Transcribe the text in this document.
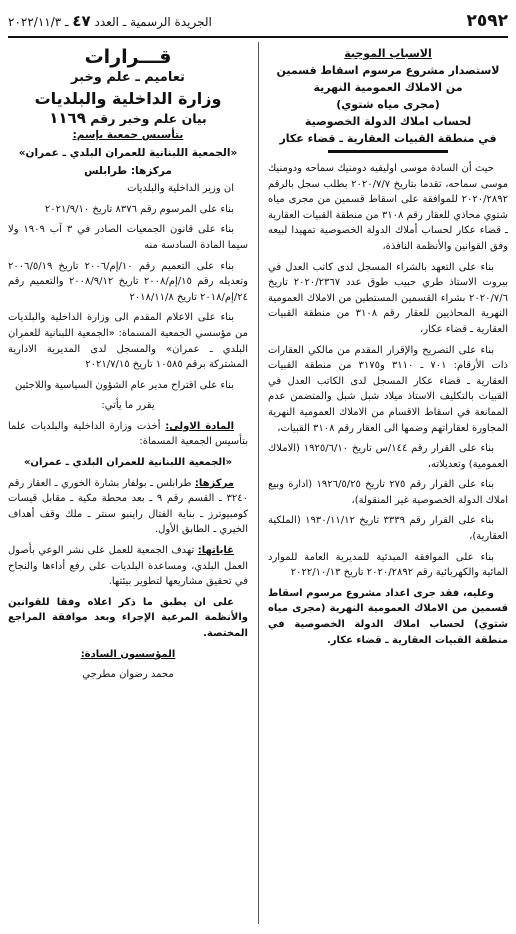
٢٥٩٢
الجريدة الرسمية ـ العدد ٤٧ ـ ٢٠٢٢/١١/٣
الاسباب الموجبة
لاستصدار مشروع مرسوم اسقاط قسمين
من الاملاك العمومية النهرية
(مجرى مياه شتوي)
لحساب املاك الدولة الخصوصية
في منطقة القبيات العقارية ـ قضاء عكار

حيث أن السادة موسى اوليفيه دومنيك سماحه ودومنيك موسى سماحه، تقدما بتاريخ ٢٠٢٠/٧/٧ بطلب سجل بالرقم ٢٠٢٠/٢٨٩٢ للموافقة على اسقاط قسمين من مجرى مياه شتوي محاذي للعقار رقم ٣١٠٨ من منطقة القبيات العقارية ـ قضاء عكار لحساب أملاك الدولة الخصوصية تمهيدا لبيعه وفق القوانين والأنظمة النافذة،

بناء على التعهد بالشراء المسجل لدى كاتب العدل في بيروت الاستاذ طري حبيب طوق عدد ٢٠٢٠/٢٣٦٧ تاريخ ٢٠٢٠/٧/٦ بشراء القسمين المستطين من الاملاك العمومية النهرية المحاذيين للعقار رقم ٣١٠٨ من منطقة القبيات العقارية ـ قضاء عكار،

بناء على التصريح والإقرار المقدم من مالكي العقارات ذات الأرقام: ٧٠١ ـ ٣١١٠ و٣١٧٥ من منطقة القبيات العقارية ـ قضاء عكار المسجل لدى الكاتب العدل في القبيات بالتكليف الاستاذ ميلاد شبل شبل والمتضمن عدم الممانعة في اسقاط الاقسام من الاملاك العمومية النهرية المجاورة لعقاراتهم وضمها الى العقار رقم ٣١٠٨ القبيات،

بناء على القرار رقم ١٤٤/س تاريخ ١٩٢٥/٦/١٠ (الاملاك العمومية) وتعديلاته،

بناء على القرار رقم ٢٧٥ تاريخ ١٩٢٦/٥/٢٥ (ادارة وبيع املاك الدولة الخصوصية غير المنقولة)،

بناء على القرار رقم ٣٣٣٩ تاريخ ١٩٣٠/١١/١٢ (الملكية العقارية)،

بناء على الموافقة المبدئية للمديرية العامة للموارد المائية والكهربائية رقم ٢٠٢٠/٢٨٩٢ تاريخ ٢٠٢٢/١٠/١٣

وعليه، فقد جرى اعداد مشروع مرسوم اسقاط قسمين من الاملاك العمومية النهرية (مجرى مياه شتوي) لحساب املاك الدولة الخصوصية في منطقة القبيات العقارية ـ قضاء عكار.

قـــرارات
تعاميم ـ علم وخبر
وزارة الداخلية والبلديات
بيان علم وخبر رقم ١١٦٩
بتأسيس جمعية بإسم:
«الجمعية اللبنانية للعمران البلدي ـ عمران»
مركزها: طرابلس

ان وزير الداخلية والبلديات

بناء على المرسوم رقم ٨٣٧٦ تاريخ ٢٠٢١/٩/١٠

بناء على قانون الجمعيات الصادر في ٣ آب ١٩٠٩ ولا سيما المادة السادسة منه

بناء على التعميم رقم ١٠/إم/٢٠٠٦ تاريخ ٢٠٠٦/٥/١٩ وتعديله رقم ١٥/إم/٢٠٠٨ تاريخ ٢٠٠٨/٩/١٢ والتعميم رقم ٢٤/إم/٢٠١٨ تاريخ ٢٠١٨/١١/٨

بناء على الاعلام المقدم الى وزارة الداخلية والبلديات من مؤسسي الجمعية المسماة: «الجمعية اللبنانية للعمران البلدي ـ عمران» والمسجل لدى المديرية الادارية المشتركة برقم ١٠٥٨٥ تاريخ ٢٠٢١/٧/١٥

بناء على اقتراح مدير عام الشؤون السياسية واللاجئين

يقرر ما يأتي:

المادة الاولى: أخذت وزارة الداخلية والبلديات علما بتأسيس الجمعية المسماة:

«الجمعية اللبنانية للعمران البلدي ـ عمران»

مركزها: طرابلس ـ بولفار بشارة الخوري ـ العقار رقم ٣٢٤٠ ـ القسم رقم ٩ ـ بعد محطة مكية ـ مقابل قيسات كومبيوترز ـ بناية الفتال راينبو سنتر ـ ملك وقف أهداف الخيري ـ الطابق الأول.

غاياتها: تهدف الجمعية للعمل على نشر الوعي بأصول العمل البلدي، ومساعدة البلديات على رفع أداءها والنجاح في تحقيق مشاريعها لتطوير بيئتها.

على ان يطبق ما ذكر اعلاه وفقا للقوانين والأنظمة المرعية الإجراء وبعد موافقة المراجع المختصة.

المؤسسون السادة:

محمد رضوان مطرجي
